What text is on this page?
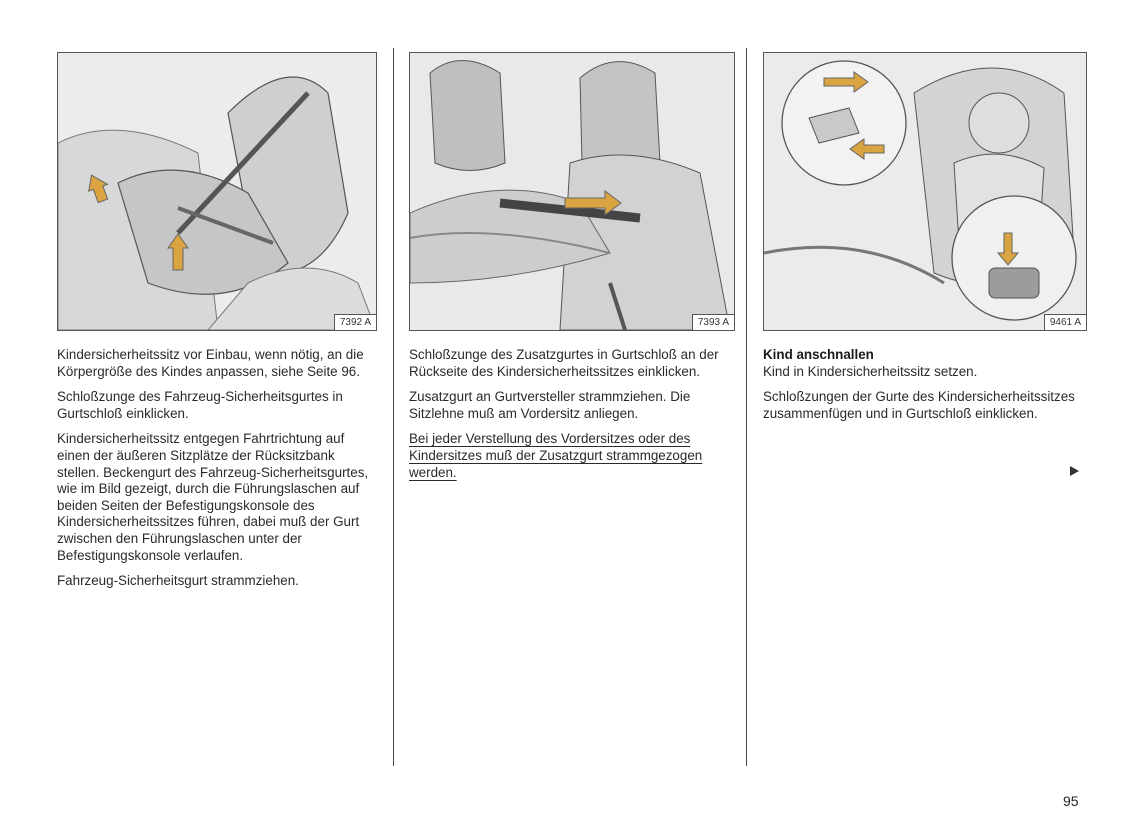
7392 A

Kindersicherheitssitz vor Einbau, wenn nötig, an die Körpergröße des Kindes anpassen, siehe Seite 96.

Schloßzunge des Fahrzeug-Sicherheitsgurtes in Gurtschloß einklicken.

Kindersicherheitssitz entgegen Fahrtrichtung auf einen der äußeren Sitzplätze der Rücksitzbank stellen. Beckengurt des Fahrzeug-Sicherheitsgurtes, wie im Bild gezeigt, durch die Führungslaschen auf beiden Seiten der Befestigungskonsole des Kindersicherheitssitzes führen, dabei muß der Gurt zwischen den Führungslaschen unter der Befestigungskonsole verlaufen.

Fahrzeug-Sicherheitsgurt strammziehen.

7393 A

Schloßzunge des Zusatzgurtes in Gurtschloß an der Rückseite des Kindersicherheitssitzes einklicken.

Zusatzgurt an Gurtversteller strammziehen. Die Sitzlehne muß am Vordersitz anliegen.

Bei jeder Verstellung des Vordersitzes oder des Kindersitzes muß der Zusatzgurt strammgezogen werden.

9461 A

Kind anschnallen

Kind in Kindersicherheitssitz setzen.

Schloßzungen der Gurte des Kindersicherheitssitzes zusammenfügen und in Gurtschloß einklicken.

95
